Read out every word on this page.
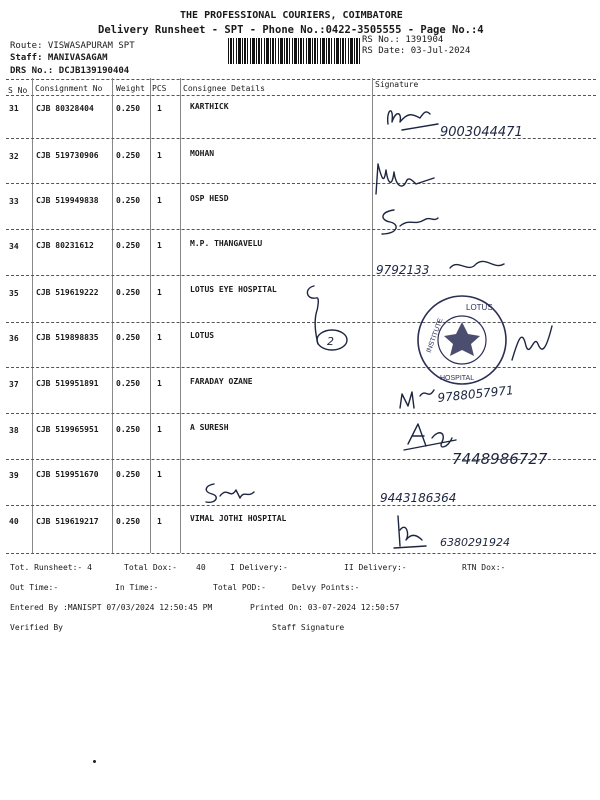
THE PROFESSIONAL COURIERS, COIMBATORE
Delivery Runsheet - SPT - Phone No.:0422-3505555 - Page No.:4
Route: VISWASAPURAM SPT
Staff: MANIVASAGAM
DRS No.: DCJB139190404
RS No.: 1391904
RS Date: 03-Jul-2024
S No Consignment No Weight PCS Consignee Details	Signature
31 CJB 80328404	0.250 1	KARTHICK
32 CJB 519730906 0.250 1	MOHAN
33 CJB 519949838 0.250 1	OSP HESD
34 CJB 80231612	0.250 1	M.P. THANGAVELU
35 CJB 519619222 0.250 1	LOTUS EYE HOSPITAL
36 CJB 519898835 0.250 1	LOTUS
37 CJB 519951891 0.250 1	FARADAY OZANE
38 CJB 519965951 0.250 1	A SURESH
39 CJB 519951670 0.250 1
40 CJB 519619217 0.250 1	VIMAL JOTHI HOSPITAL
9003044471
9792133
2
LOTUS
INSTITUTE
HOSPITAL
9788057971
7448986727
9443186364
6380291924
Tot. Runsheet:- 4	Total Dox:- 40	I Delivery:-	II Delivery:-	RTN Dox:-
Out Time:-	In Time:-	Total POD:-	Delvy Points:-
Entered By :MANISPT 07/03/2024 12:50:45 PM	Printed On: 03-07-2024 12:50:57
Verified By	Staff Signature
